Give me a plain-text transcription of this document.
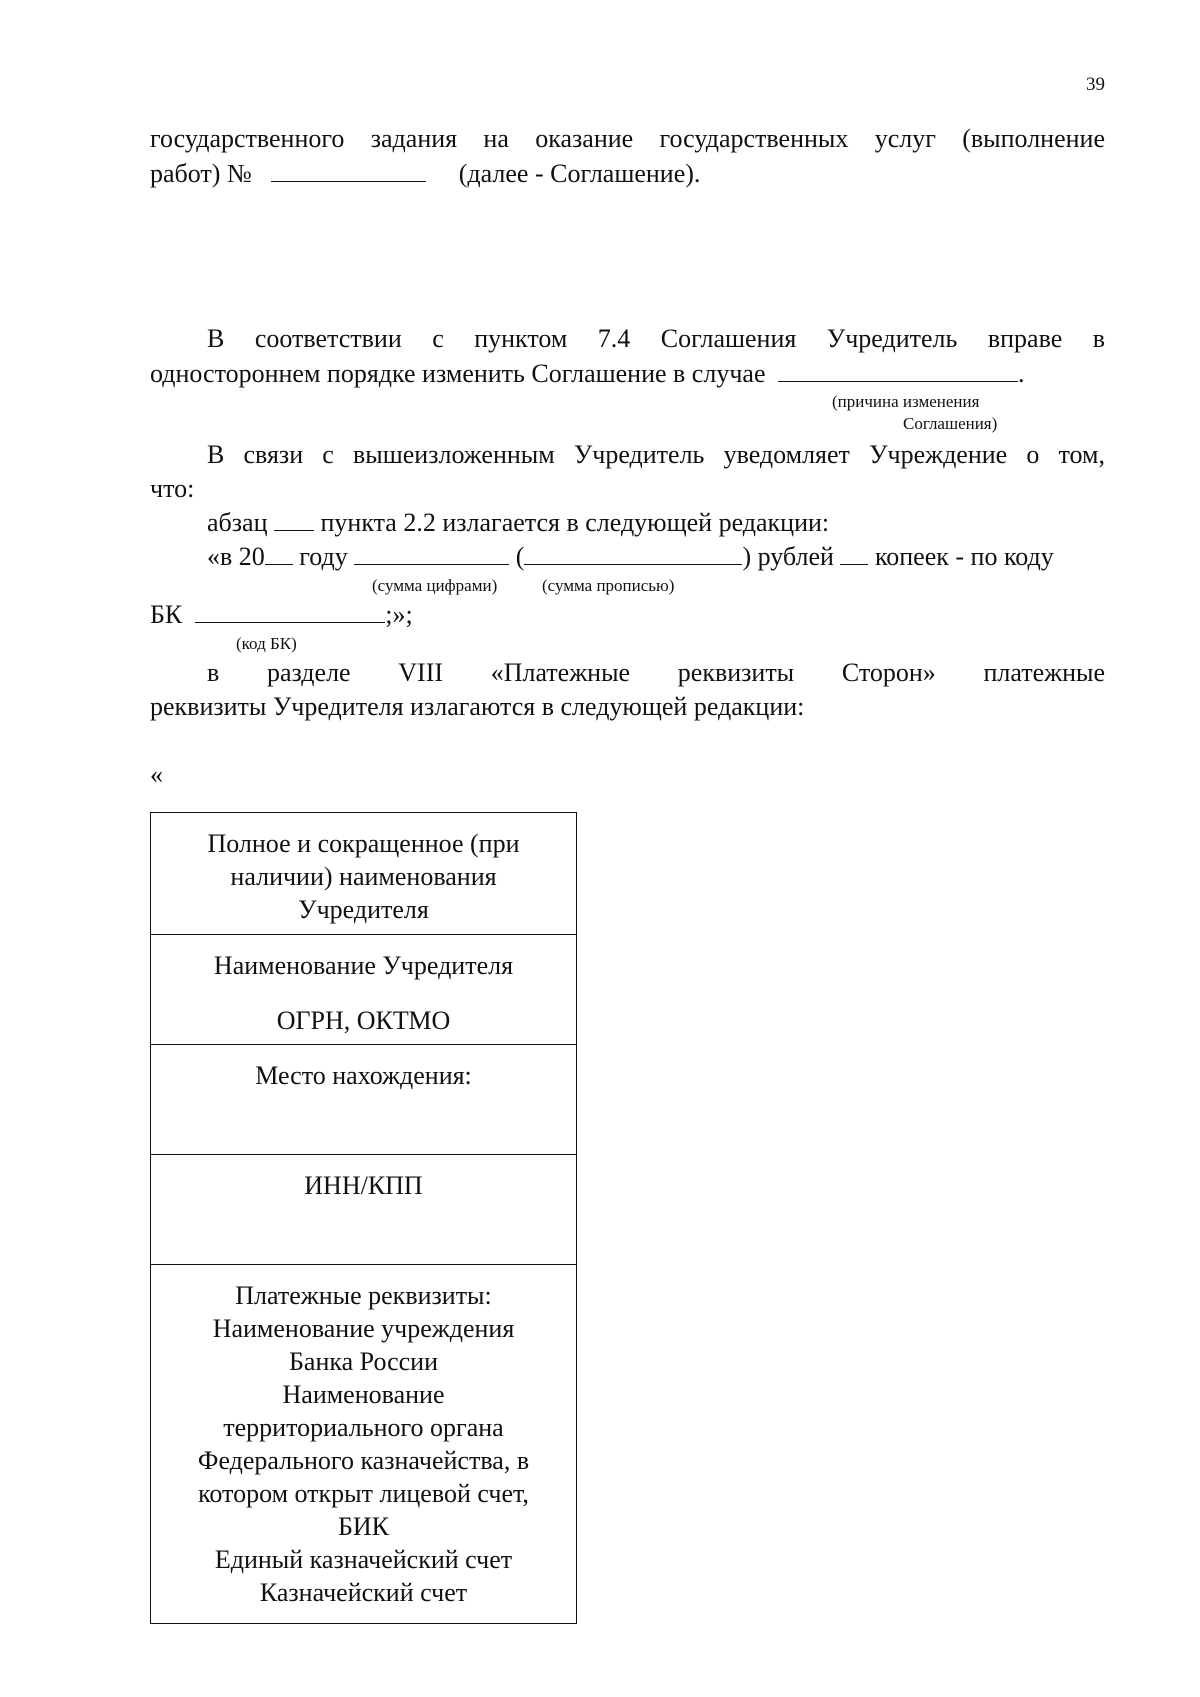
39
государственного задания на оказание государственных услуг (выполнение
работ) №	(далее - Соглашение).
В соответствии с пунктом 7.4 Соглашения Учредитель вправе в
одностороннем порядке изменить Соглашение в случае	.
(причина изменения
Соглашения)
В связи с вышеизложенным Учредитель уведомляет Учреждение о том,
что:
абзац пункта 2.2 излагается в следующей редакции:
«в 20 году	(	) рублей копеек - по коду
(сумма цифрами)	(сумма прописью)
БК	;»;
(код БК)
в разделе VIII «Платежные реквизиты Сторон» платежные
реквизиты Учредителя излагаются в следующей редакции:
«
Полное и сокращенное (при
наличии) наименования
Учредителя
Наименование Учредителя
ОГРН, ОКТМО
Место нахождения:
ИНН/КПП
Платежные реквизиты:
Наименование учреждения
Банка России
Наименование
территориального органа
Федерального казначейства, в
котором открыт лицевой счет,
БИК
Единый казначейский счет
Казначейский счет
